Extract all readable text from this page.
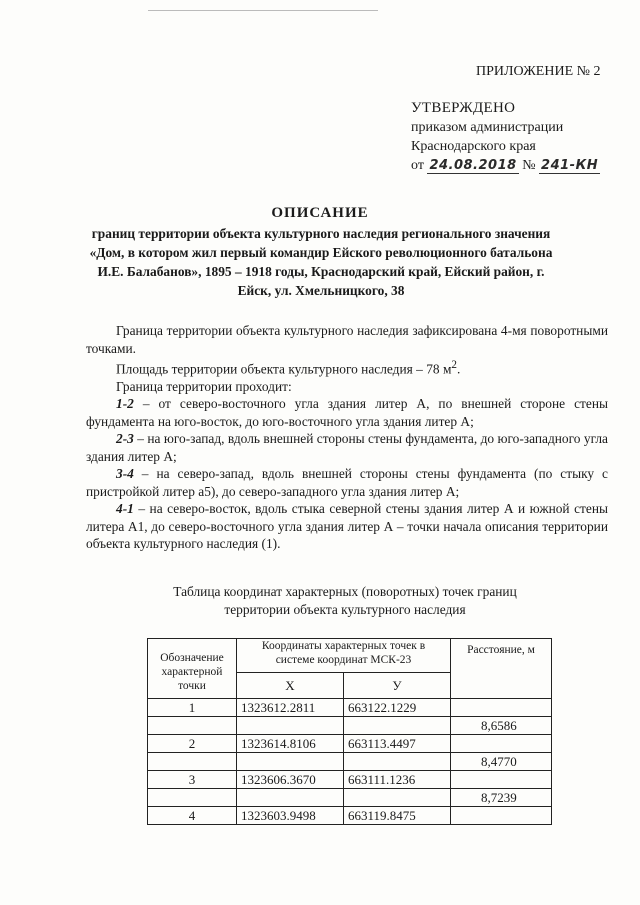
ПРИЛОЖЕНИЕ № 2
УТВЕРЖДЕНО
приказом администрации
Краснодарского края
от 24.08.2018 № 241-КН
ОПИСАНИЕ
границ территории объекта культурного наследия регионального значения «Дом, в котором жил первый командир Ейского революционного батальона И.Е. Балабанов», 1895 – 1918 годы, Краснодарский край, Ейский район, г. Ейск, ул. Хмельницкого, 38

Граница территории объекта культурного наследия зафиксирована 4-мя поворотными точками.

Площадь территории объекта культурного наследия – 78 $м^2$.

Граница территории проходит:

1-2 – от северо-восточного угла здания литер А, по внешней стороне стены фундамента на юго-восток, до юго-восточного угла здания литер А;

2-3 – на юго-запад, вдоль внешней стороны стены фундамента, до юго-западного угла здания литер А;

3-4 – на северо-запад, вдоль внешней стороны стены фундамента (по стыку с пристройкой литер а5), до северо-западного угла здания литер А;

4-1 – на северо-восток, вдоль стыка северной стены здания литер А и южной стены литера А1, до северо-восточного угла здания литер А – точки начала описания территории объекта культурного наследия (1).

Таблица координат характерных (поворотных) точек границ
территории объекта культурного наследия
Обозначение характерной точки	Координаты характерных точек в системе координат МСК-23		Расстояние, м
	Х	У	
1	1323612.2811	663122.1229	
			8,6586
2	1323614.8106	663113.4497	
			8,4770
3	1323606.3670	663111.1236	
			8,7239
4	1323603.9498	663119.8475	
